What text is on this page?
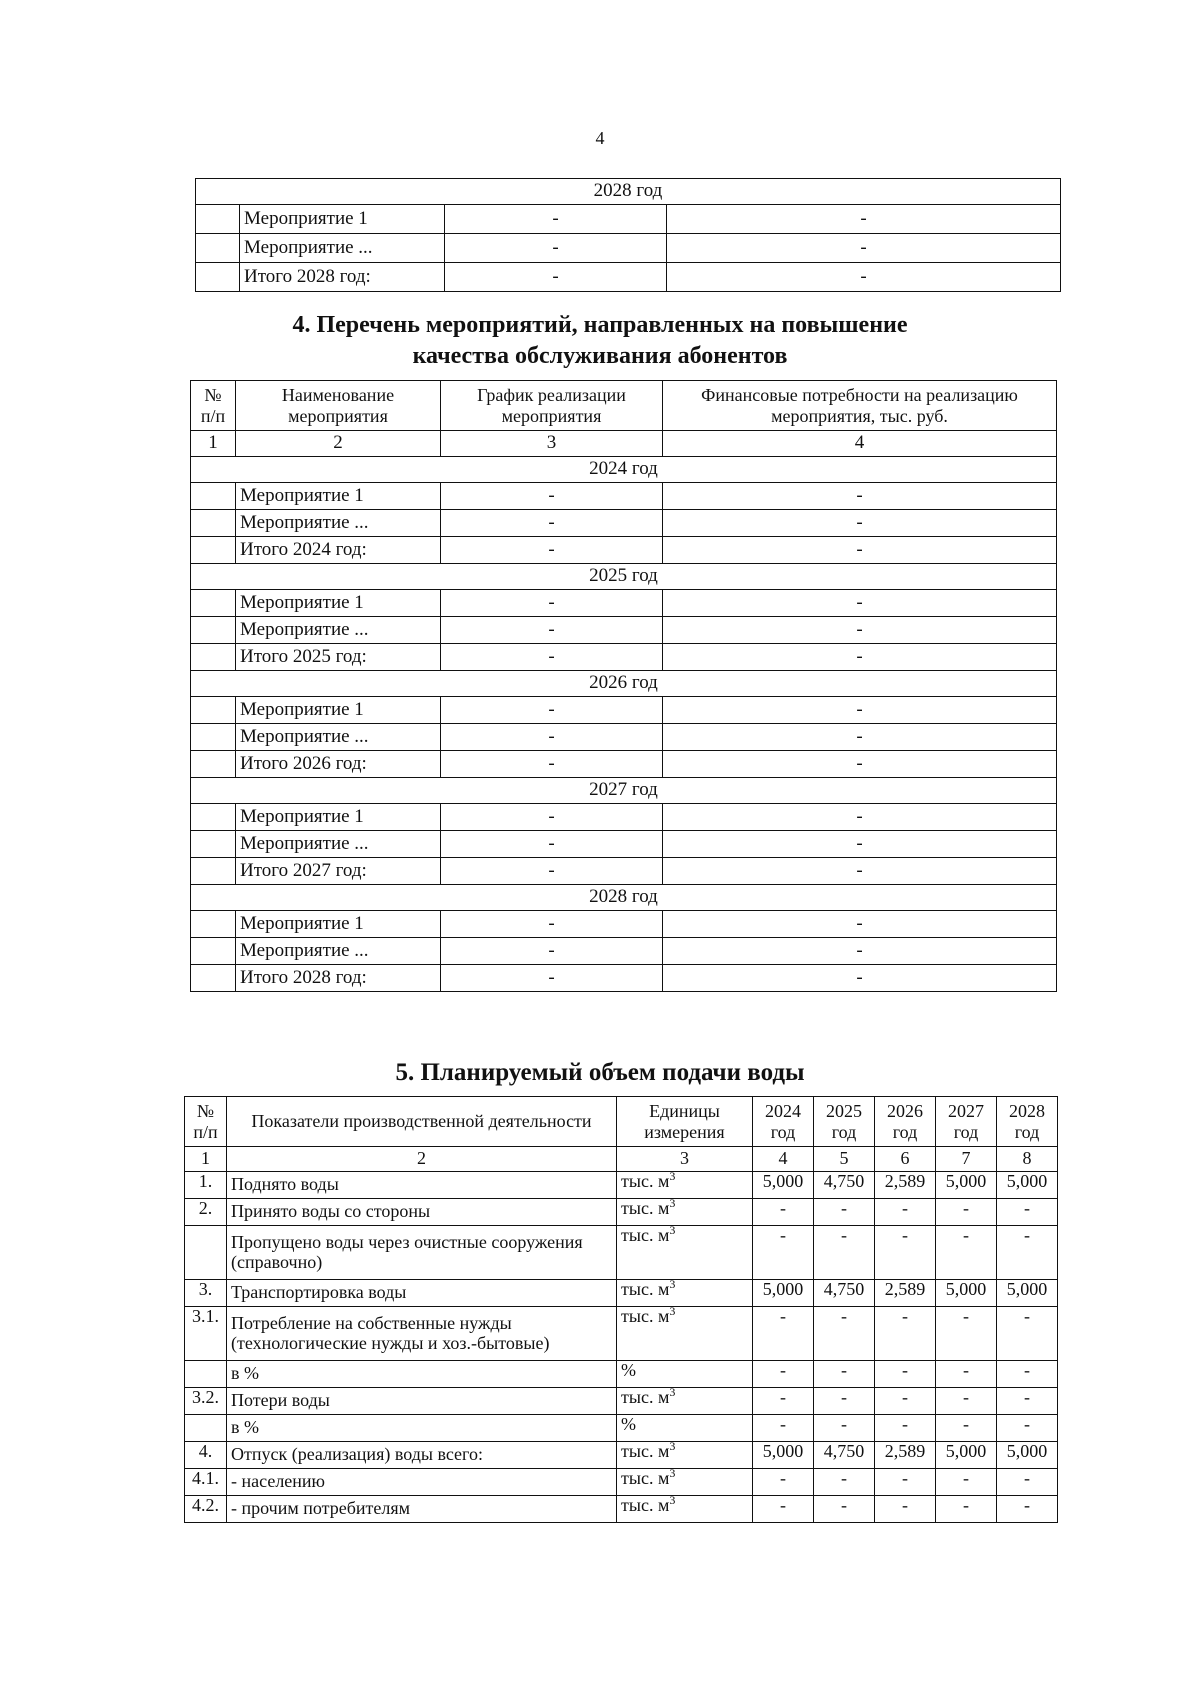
4
2028 год			
	Мероприятие 1	-	-
	Мероприятие ...	-	-
	Итого 2028 год:	-	-
4. Перечень мероприятий, направленных на повышение
качества обслуживания абонентов
№ п/п	Наименование мероприятия	График реализации мероприятия	Финансовые потребности на реализацию мероприятия, тыс. руб.
1	2	3	4
2024 год			
	Мероприятие 1	-	-
	Мероприятие ...	-	-
	Итого 2024 год:	-	-
2025 год			
	Мероприятие 1	-	-
	Мероприятие ...	-	-
	Итого 2025 год:	-	-
2026 год			
	Мероприятие 1	-	-
	Мероприятие ...	-	-
	Итого 2026 год:	-	-
2027 год			
	Мероприятие 1	-	-
	Мероприятие ...	-	-
	Итого 2027 год:	-	-
2028 год			
	Мероприятие 1	-	-
	Мероприятие ...	-	-
	Итого 2028 год:	-	-
5. Планируемый объем подачи воды
№ п/п	Показатели производственной деятельности	Единицы измерения	2024 год	2025 год	2026 год	2027 год	2028 год
1	2	3	4	5	6	7	8
1.	Поднято воды	тыс. $м^3$	5,000	4,750	2,589	5,000	5,000
2.	Принято воды со стороны	тыс. $м^3$	-	-	-	-	-
	Пропущено воды через очистные сооружения (справочно)	тыс. $м^3$	-	-	-	-	-
3.	Транспортировка воды	тыс. $м^3$	5,000	4,750	2,589	5,000	5,000
3.1.	Потребление на собственные нужды (технологические нужды и хоз.-бытовые)	тыс. $м^3$	-	-	-	-	-
	в %	%	-	-	-	-	-
3.2.	Потери воды	тыс. $м^3$	-	-	-	-	-
	в %	%	-	-	-	-	-
4.	Отпуск (реализация) воды всего:	тыс. $м^3$	5,000	4,750	2,589	5,000	5,000
4.1.	- населению	тыс. $м^3$	-	-	-	-	-
4.2.	- прочим потребителям	тыс. $м^3$	-	-	-	-	-
